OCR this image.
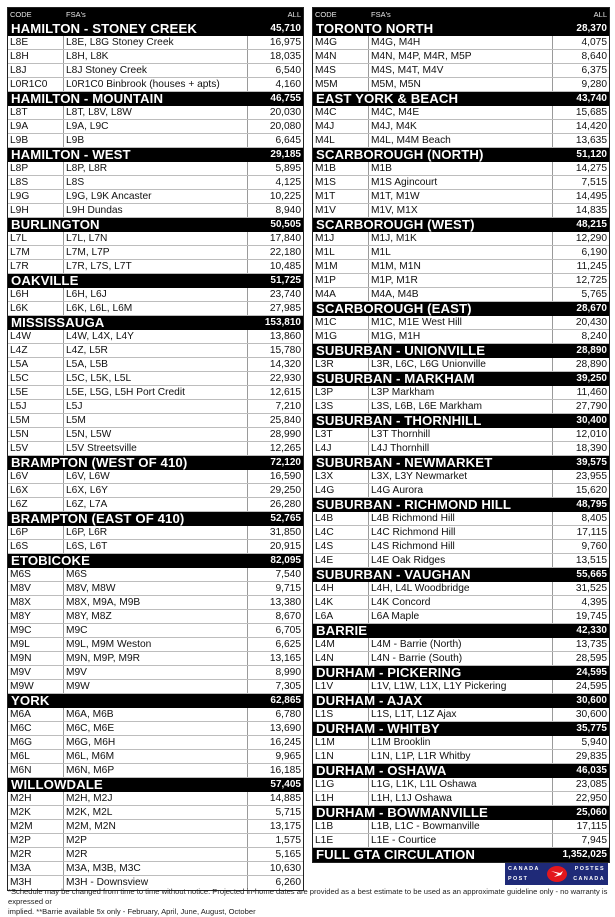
CODE	FSA's	ALL
HAMILTON - STONEY CREEK	45,710
L8E	L8E, L8G Stoney Creek	16,975
L8H	L8H, L8K	18,035
L8J	L8J Stoney Creek	6,540
L0R1C0	L0R1C0 Binbrook (houses + apts)	4,160
HAMILTON - MOUNTAIN	46,755
L8T	L8T, L8V, L8W	20,030
L9A	L9A, L9C	20,080
L9B	L9B	6,645
HAMILTON - WEST	29,185
L8P	L8P, L8R	5,895
L8S	L8S	4,125
L9G	L9G, L9K Ancaster	10,225
L9H	L9H Dundas	8,940
BURLINGTON	50,505
L7L	L7L, L7N	17,840
L7M	L7M, L7P	22,180
L7R	L7R, L7S, L7T	10,485
OAKVILLE	51,725
L6H	L6H, L6J	23,740
L6K	L6K, L6L, L6M	27,985
MISSISSAUGA	153,810
L4W	L4W, L4X, L4Y	13,860
L4Z	L4Z, L5R	15,780
L5A	L5A, L5B	14,320
L5C	L5C, L5K, L5L	22,930
L5E	L5E, L5G, L5H Port Credit	12,615
L5J	L5J	7,210
L5M	L5M	25,840
L5N	L5N, L5W	28,990
L5V	L5V Streetsville	12,265
BRAMPTON (WEST OF 410)	72,120
L6V	L6V, L6W	16,590
L6X	L6X, L6Y	29,250
L6Z	L6Z, L7A	26,280
BRAMPTON (EAST OF 410)	52,765
L6P	L6P, L6R	31,850
L6S	L6S, L6T	20,915
ETOBICOKE	82,095
M6S	M6S	7,540
M8V	M8V, M8W	9,715
M8X	M8X, M9A, M9B	13,380
M8Y	M8Y, M8Z	8,670
M9C	M9C	6,705
M9L	M9L, M9M Weston	6,625
M9N	M9N, M9P, M9R	13,165
M9V	M9V	8,990
M9W	M9W	7,305
YORK	62,865
M6A	M6A, M6B	6,780
M6C	M6C, M6E	13,690
M6G	M6G, M6H	16,245
M6L	M6L, M6M	9,965
M6N	M6N, M6P	16,185
WILLOWDALE	57,405
M2H	M2H, M2J	14,885
M2K	M2K, M2L	5,715
M2M	M2M, M2N	13,175
M2P	M2P	1,575
M2R	M2R	5,165
M3A	M3A, M3B, M3C	10,630
M3H	M3H - Downsview	6,260
CODE	FSA's	ALL
TORONTO NORTH	28,370
M4G	M4G, M4H	4,075
M4N	M4N, M4P, M4R, M5P	8,640
M4S	M4S, M4T, M4V	6,375
M5M	M5M, M5N	9,280
EAST YORK & BEACH	43,740
M4C	M4C, M4E	15,685
M4J	M4J, M4K	14,420
M4L	M4L, M4M Beach	13,635
SCARBOROUGH (NORTH)	51,120
M1B	M1B	14,275
M1S	M1S Agincourt	7,515
M1T	M1T, M1W	14,495
M1V	M1V, M1X	14,835
SCARBOROUGH (WEST)	48,215
M1J	M1J, M1K	12,290
M1L	M1L	6,190
M1M	M1M, M1N	11,245
M1P	M1P, M1R	12,725
M4A	M4A, M4B	5,765
SCARBOROUGH (EAST)	28,670
M1C	M1C, M1E West Hill	20,430
M1G	M1G, M1H	8,240
SUBURBAN - UNIONVILLE	28,890
L3R	L3R, L6C, L6G Unionville	28,890
SUBURBAN - MARKHAM	39,250
L3P	L3P Markham	11,460
L3S	L3S, L6B, L6E Markham	27,790
SUBURBAN - THORNHILL	30,400
L3T	L3T Thornhill	12,010
L4J	L4J Thornhill	18,390
SUBURBAN - NEWMARKET	39,575
L3X	L3X, L3Y Newmarket	23,955
L4G	L4G Aurora	15,620
SUBURBAN - RICHMOND HILL	48,795
L4B	L4B Richmond Hill	8,405
L4C	L4C Richmond Hill	17,115
L4S	L4S Richmond Hill	9,760
L4E	L4E Oak Ridges	13,515
SUBURBAN - VAUGHAN	55,665
L4H	L4H, L4L Woodbridge	31,525
L4K	L4K Concord	4,395
L6A	L6A Maple	19,745
BARRIE	42,330
L4M	L4M - Barrie (North)	13,735
L4N	L4N - Barrie (South)	28,595
DURHAM - PICKERING	24,595
L1V	L1V, L1W, L1X, L1Y Pickering	24,595
DURHAM - AJAX	30,600
L1S	L1S, L1T, L1Z Ajax	30,600
DURHAM - WHITBY	35,775
L1M	L1M Brooklin	5,940
L1N	L1N, L1P, L1R Whitby	29,835
DURHAM - OSHAWA	46,035
L1G	L1G, L1K, L1L Oshawa	23,085
L1H	L1H, L1J Oshawa	22,950
DURHAM - BOWMANVILLE	25,060
L1B	L1B, L1C - Bowmanville	17,115
L1E	L1E - Courtice	7,945
FULL GTA CIRCULATION	1,352,025
CANADA
POST
POSTES
CANADA
*Schedule may be changed from time to time without notice. Projected in-home dates are provided as a best estimate to be used as an approximate guideline only - no warranty is expressed or
implied. **Barrie available 5x only - February, April, June, August, October
